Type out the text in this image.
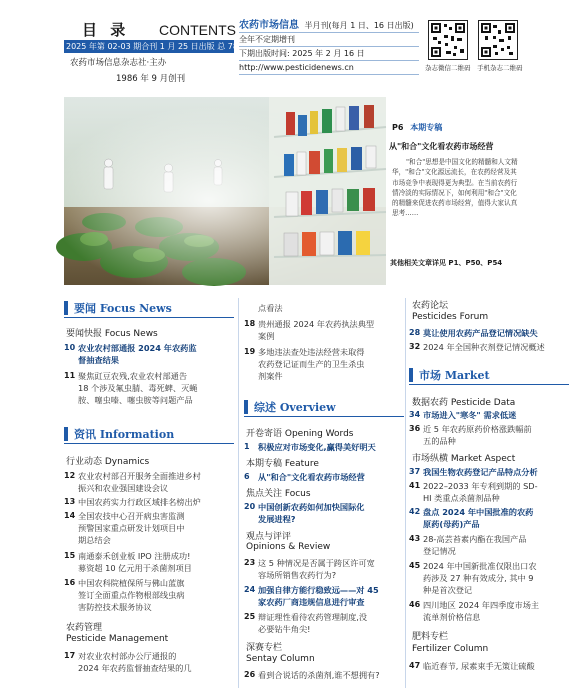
目 录 CONTENTS
2025 年第 02-03 期合刊 1 月 25 日出版 总 785,786 期
农药市场信息杂志社·主办
1986 年 9 月创刊
农药市场信息 半月刊(每月 1 日、16 日出版)
全年不定期增刊
下期出版时间: 2025 年 2 月 16 日
http://www.pesticidenews.cn	杂志微信二维码 手机杂志二维码
P6 本期专稿
从"和合"文化看农药市场经营
"和合"思想是中国文化的精髓和人文精华，"和合"文化源远流长，在农药经营及其市场竞争中表现得更为典型。在当前农药行情冷淡的实际情况下，如何利用"和合"文化的精髓来促进农药市场经营，值得大家认真思考……
其他相关文章详见 P1、P50、P54
要闻 Focus News
要闻快报 Focus News
10 农业农村部通报 2024 年农药监
督抽查结果
11 聚焦豇豆农残,农业农村部通告
18 个涉及氟虫腈、毒死蜱、灭蝇
胺、噻虫嗪、噻虫胺等问题产品
资讯 Information
行业动态 Dynamics
12 农业农村部召开服务全面推进乡村
振兴和农业强国建设会议
13 中国农药实力行政区域排名榜出炉
14 全国农技中心召开病虫害监测
预警国家重点研发计划项目中
期总结会
15 南通泰禾创业板 IPO 注册成功!
募资超 10 亿元用于杀菌剂项目
16 中国农科院植保所与佛山蓝旗
签订全面重点作物根部线虫病
害防控技术服务协议
农药管理
Pesticide Management
17 对农业农村部办公厅通报的
2024 年农药监督抽查结果的几
点看法
18 贵州通报 2024 年农药执法典型
案例
19 多地违法查处违法经营未取得
农药登记证而生产的卫生杀虫
剂案件
综述 Overview
开卷寄语 Opening Words
1 积极应对市场变化,赢得美好明天
本期专稿 Feature
6 从"和合"文化看农药市场经营
焦点关注 Focus
20 中国创新农药如何加快国际化
发展进程?
观点与评评
Opinions & Review
23 这 5 种情况是否属于跨区许可宽
容场所销售农药行为?
24 加强自律方能行稳致远——对 45
家农药厂商违规信息进行审查
25 辩证理性看待农药管理制度,没
必要钻牛角尖!
深赛专栏
Sentay Column
26 看到合说话的杀菌剂,谁不想拥有?
农药论坛
Pesticides Forum
28 莫让使用农药产品登记情况缺失
32 2024 年全国种衣剂登记情况概述
市场 Market
数据农药 Pesticide Data
34 市场进入"寒冬" 需求低迷
36 近 5 年农药原药价格涨跌幅前
五的品种
市场纵横 Market Aspect
37 我国生物农药登记产品特点分析
41 2022–2033 年专利到期的 SD-
HI 类重点杀菌剂品种
42 盘点 2024 年中国批准的农药
原药(母药)产品
43 28-高芸苔素内酯在我国产品
登记情况
45 2024 年中国新批准仅限出口农
药涉及 27 种有效成分, 其中 9
种是首次登记
46 四川地区 2024 年四季度市场主
流单剂价格信息
肥料专栏
Fertilizer Column
47 临近春节, 尿素束手无策让硫酸
